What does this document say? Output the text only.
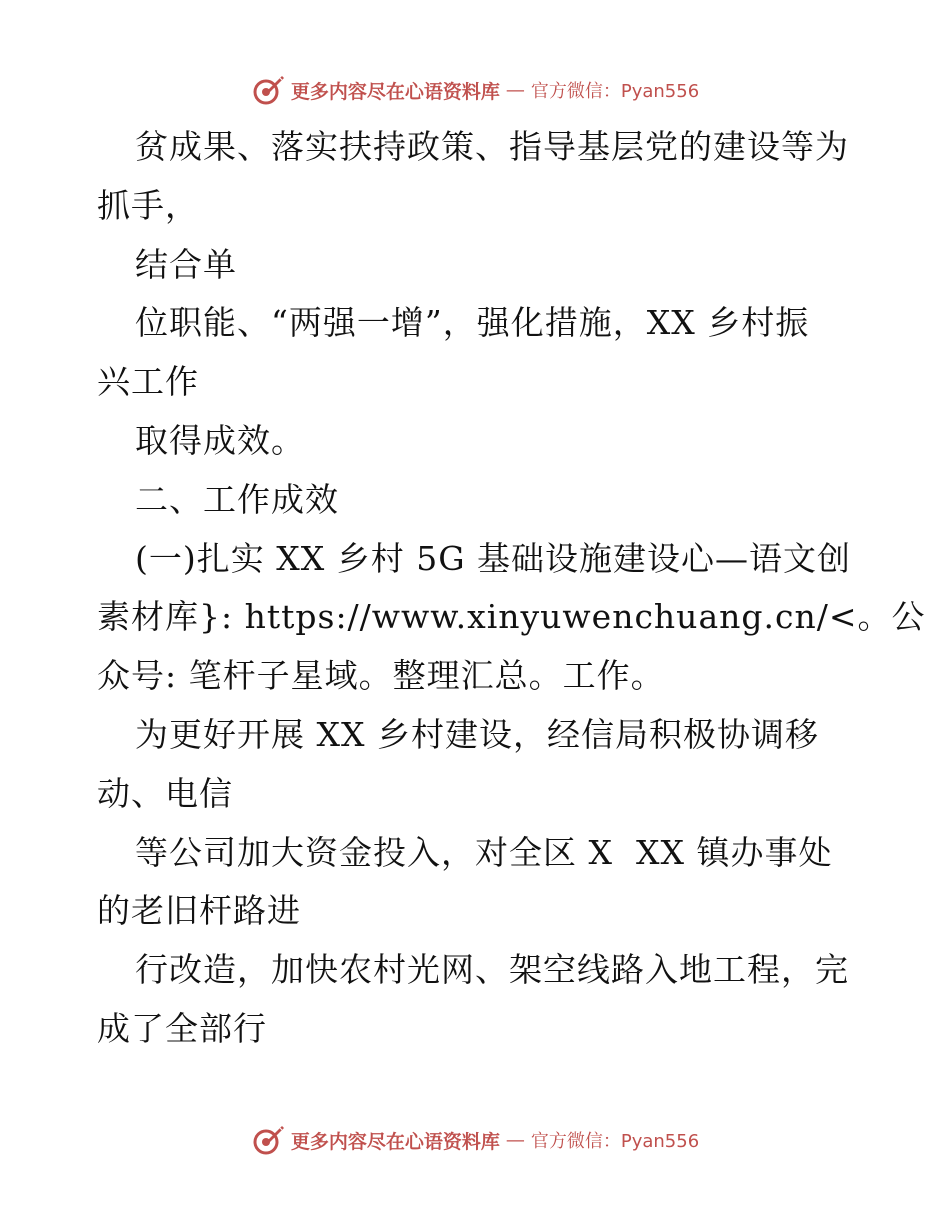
更多内容尽在心语资料库 — 官方微信：Pyan556
贫成果、落实扶持政策、指导基层党的建设等为
抓手，
结合单
位职能、“两强一增”，强化措施，XX 乡村振
兴工作
取得成效。
二、工作成效
(一)扎实 XX 乡村 5G 基础设施建设心—语文创
素材库}: https://www.xinyuwenchuang.cn/<。公
众号: 笔杆子星域。整理汇总。工作。
为更好开展 XX 乡村建设，经信局积极协调移
动、电信
等公司加大资金投入，对全区 X  XX 镇办事处
的老旧杆路进
行改造，加快农村光网、架空线路入地工程，完
成了全部行
更多内容尽在心语资料库 — 官方微信：Pyan556
